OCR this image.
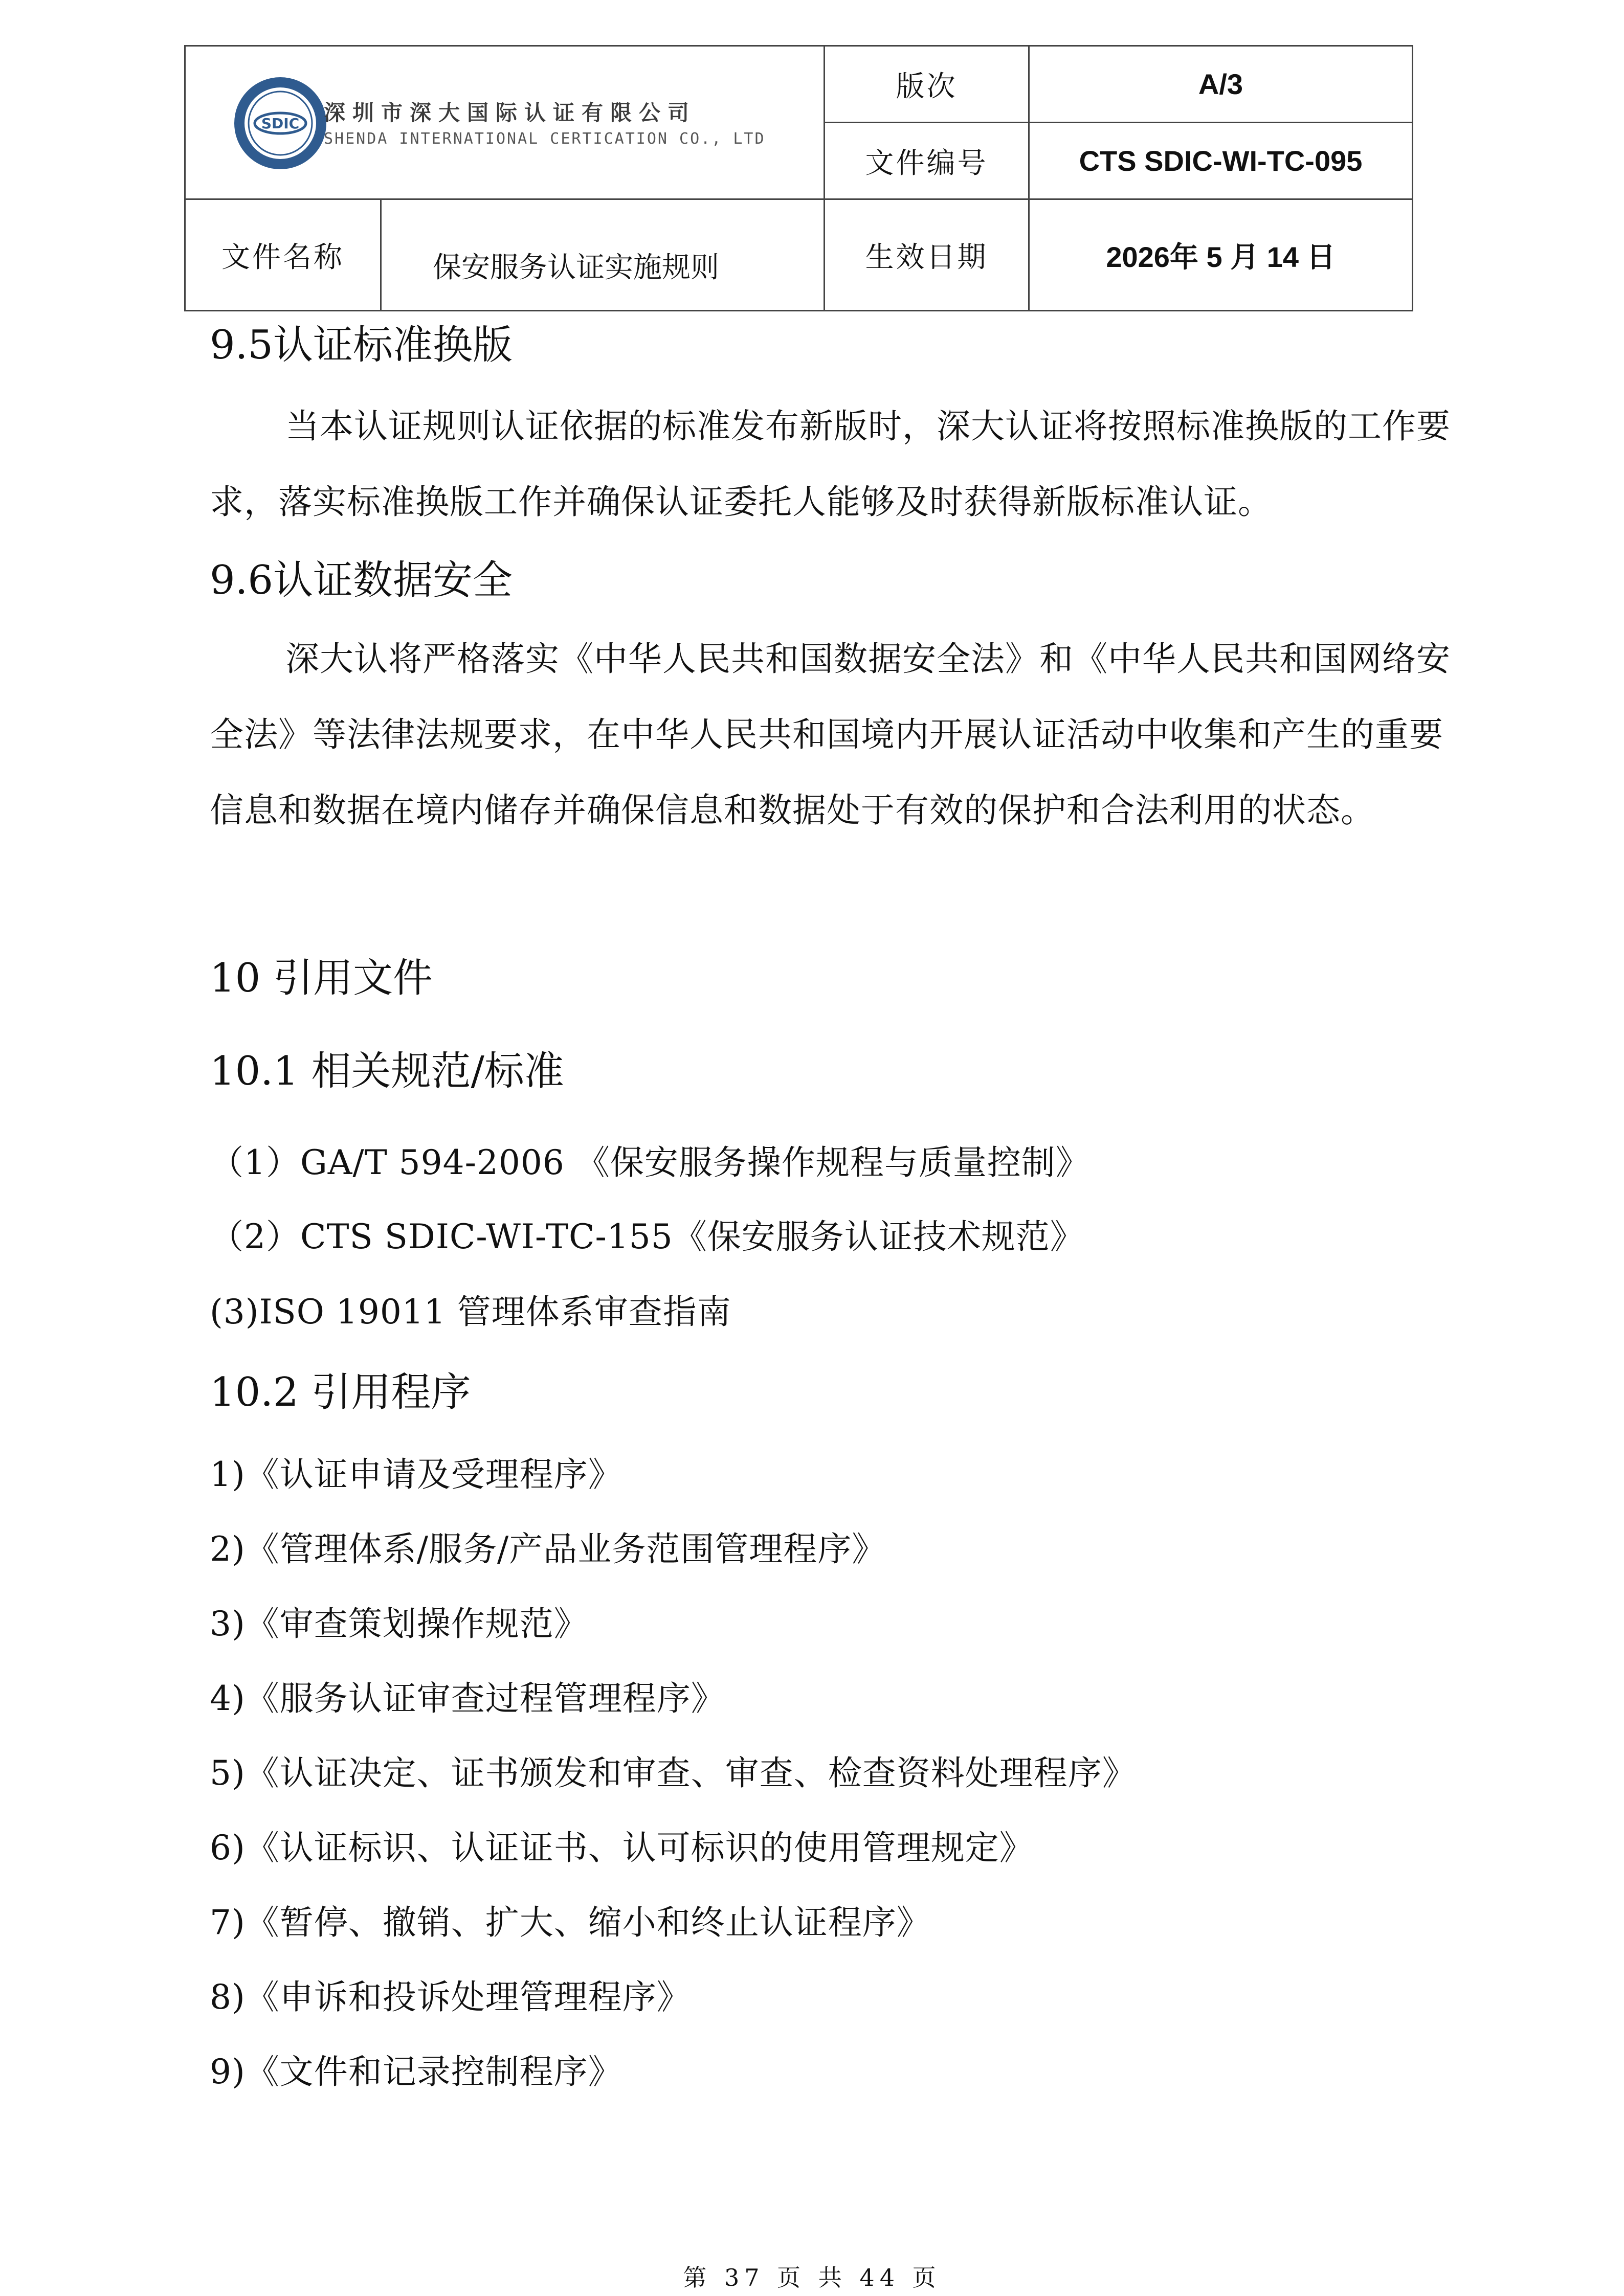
SDIC 深圳市深大国际认证有限公司
SHENDA INTERNATIONAL CERTICATION CO., LTD	版次	A/3
	文件编号	CTS SDIC-WI-TC-095

文件名称 保安服务认证实施规则	生效日期	2026年 5 月 14 日
9.5认证标准换版
当本认证规则认证依据的标准发布新版时，深大认证将按照标准换版的工作要求，落实标准换版工作并确保认证委托人能够及时获得新版标准认证。
9.6认证数据安全
深大认将严格落实《中华人民共和国数据安全法》和《中华人民共和国网络安全法》等法律法规要求，在中华人民共和国境内开展认证活动中收集和产生的重要信息和数据在境内储存并确保信息和数据处于有效的保护和合法利用的状态。
10 引用文件
10.1 相关规范/标准
（1）GA/T 594-2006 《保安服务操作规程与质量控制》
（2）CTS SDIC-WI-TC-155《保安服务认证技术规范》
(3)ISO 19011 管理体系审查指南
10.2 引用程序
1)《认证申请及受理程序》
2)《管理体系/服务/产品业务范围管理程序》
3)《审查策划操作规范》
4)《服务认证审查过程管理程序》
5)《认证决定、证书颁发和审查、审查、检查资料处理程序》
6)《认证标识、认证证书、认可标识的使用管理规定》
7)《暂停、撤销、扩大、缩小和终止认证程序》
8)《申诉和投诉处理管理程序》
9)《文件和记录控制程序》
第 37 页 共 44 页
